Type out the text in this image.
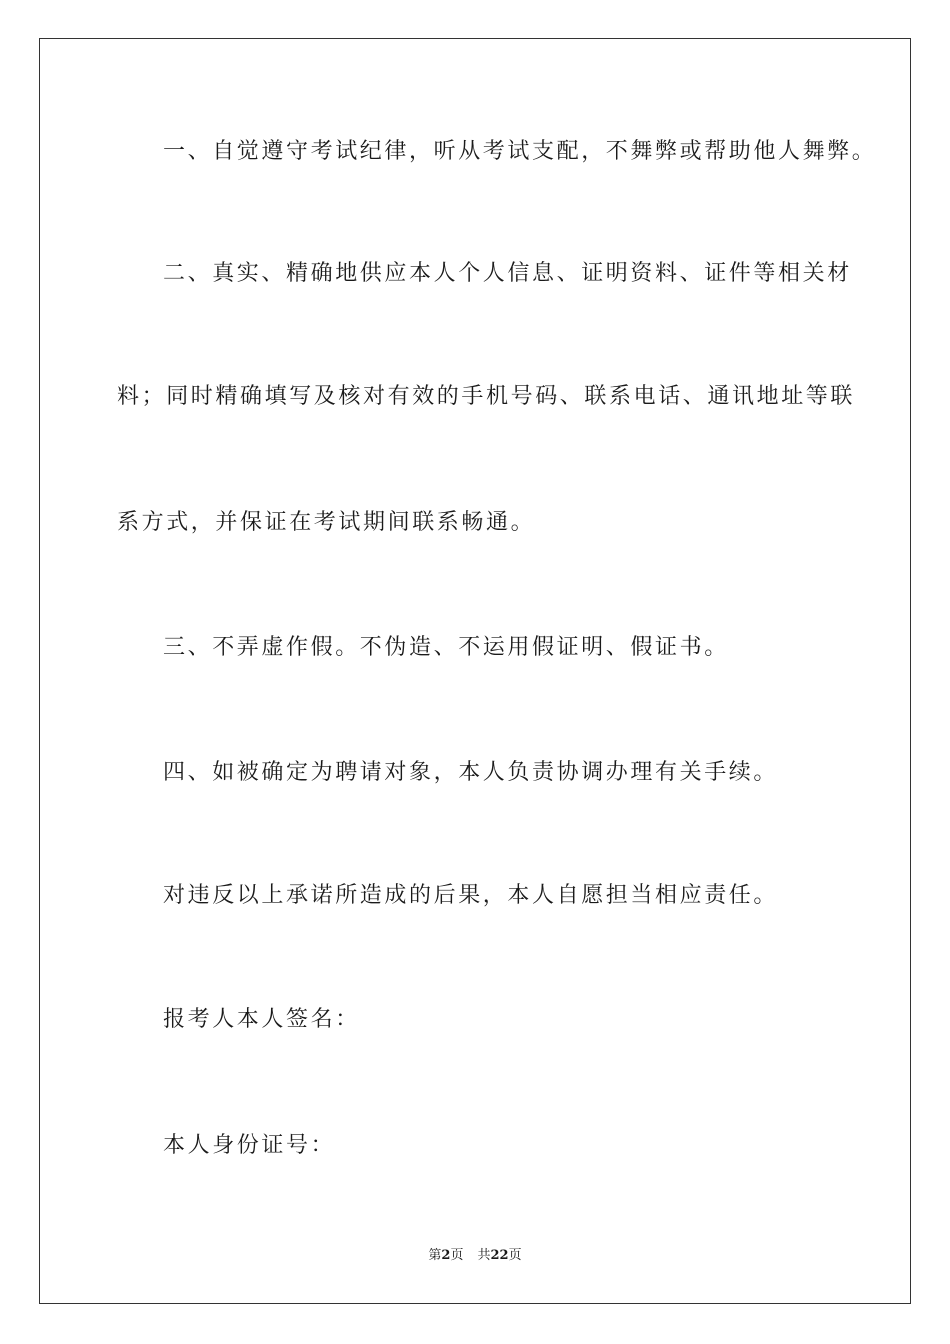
一、自觉遵守考试纪律，听从考试支配，不舞弊或帮助他人舞弊。
二、真实、精确地供应本人个人信息、证明资料、证件等相关材
料；同时精确填写及核对有效的手机号码、联系电话、通讯地址等联
系方式，并保证在考试期间联系畅通。
三、不弄虚作假。不伪造、不运用假证明、假证书。
四、如被确定为聘请对象，本人负责协调办理有关手续。
对违反以上承诺所造成的后果，本人自愿担当相应责任。
报考人本人签名：
本人身份证号：
第2页 共22页
